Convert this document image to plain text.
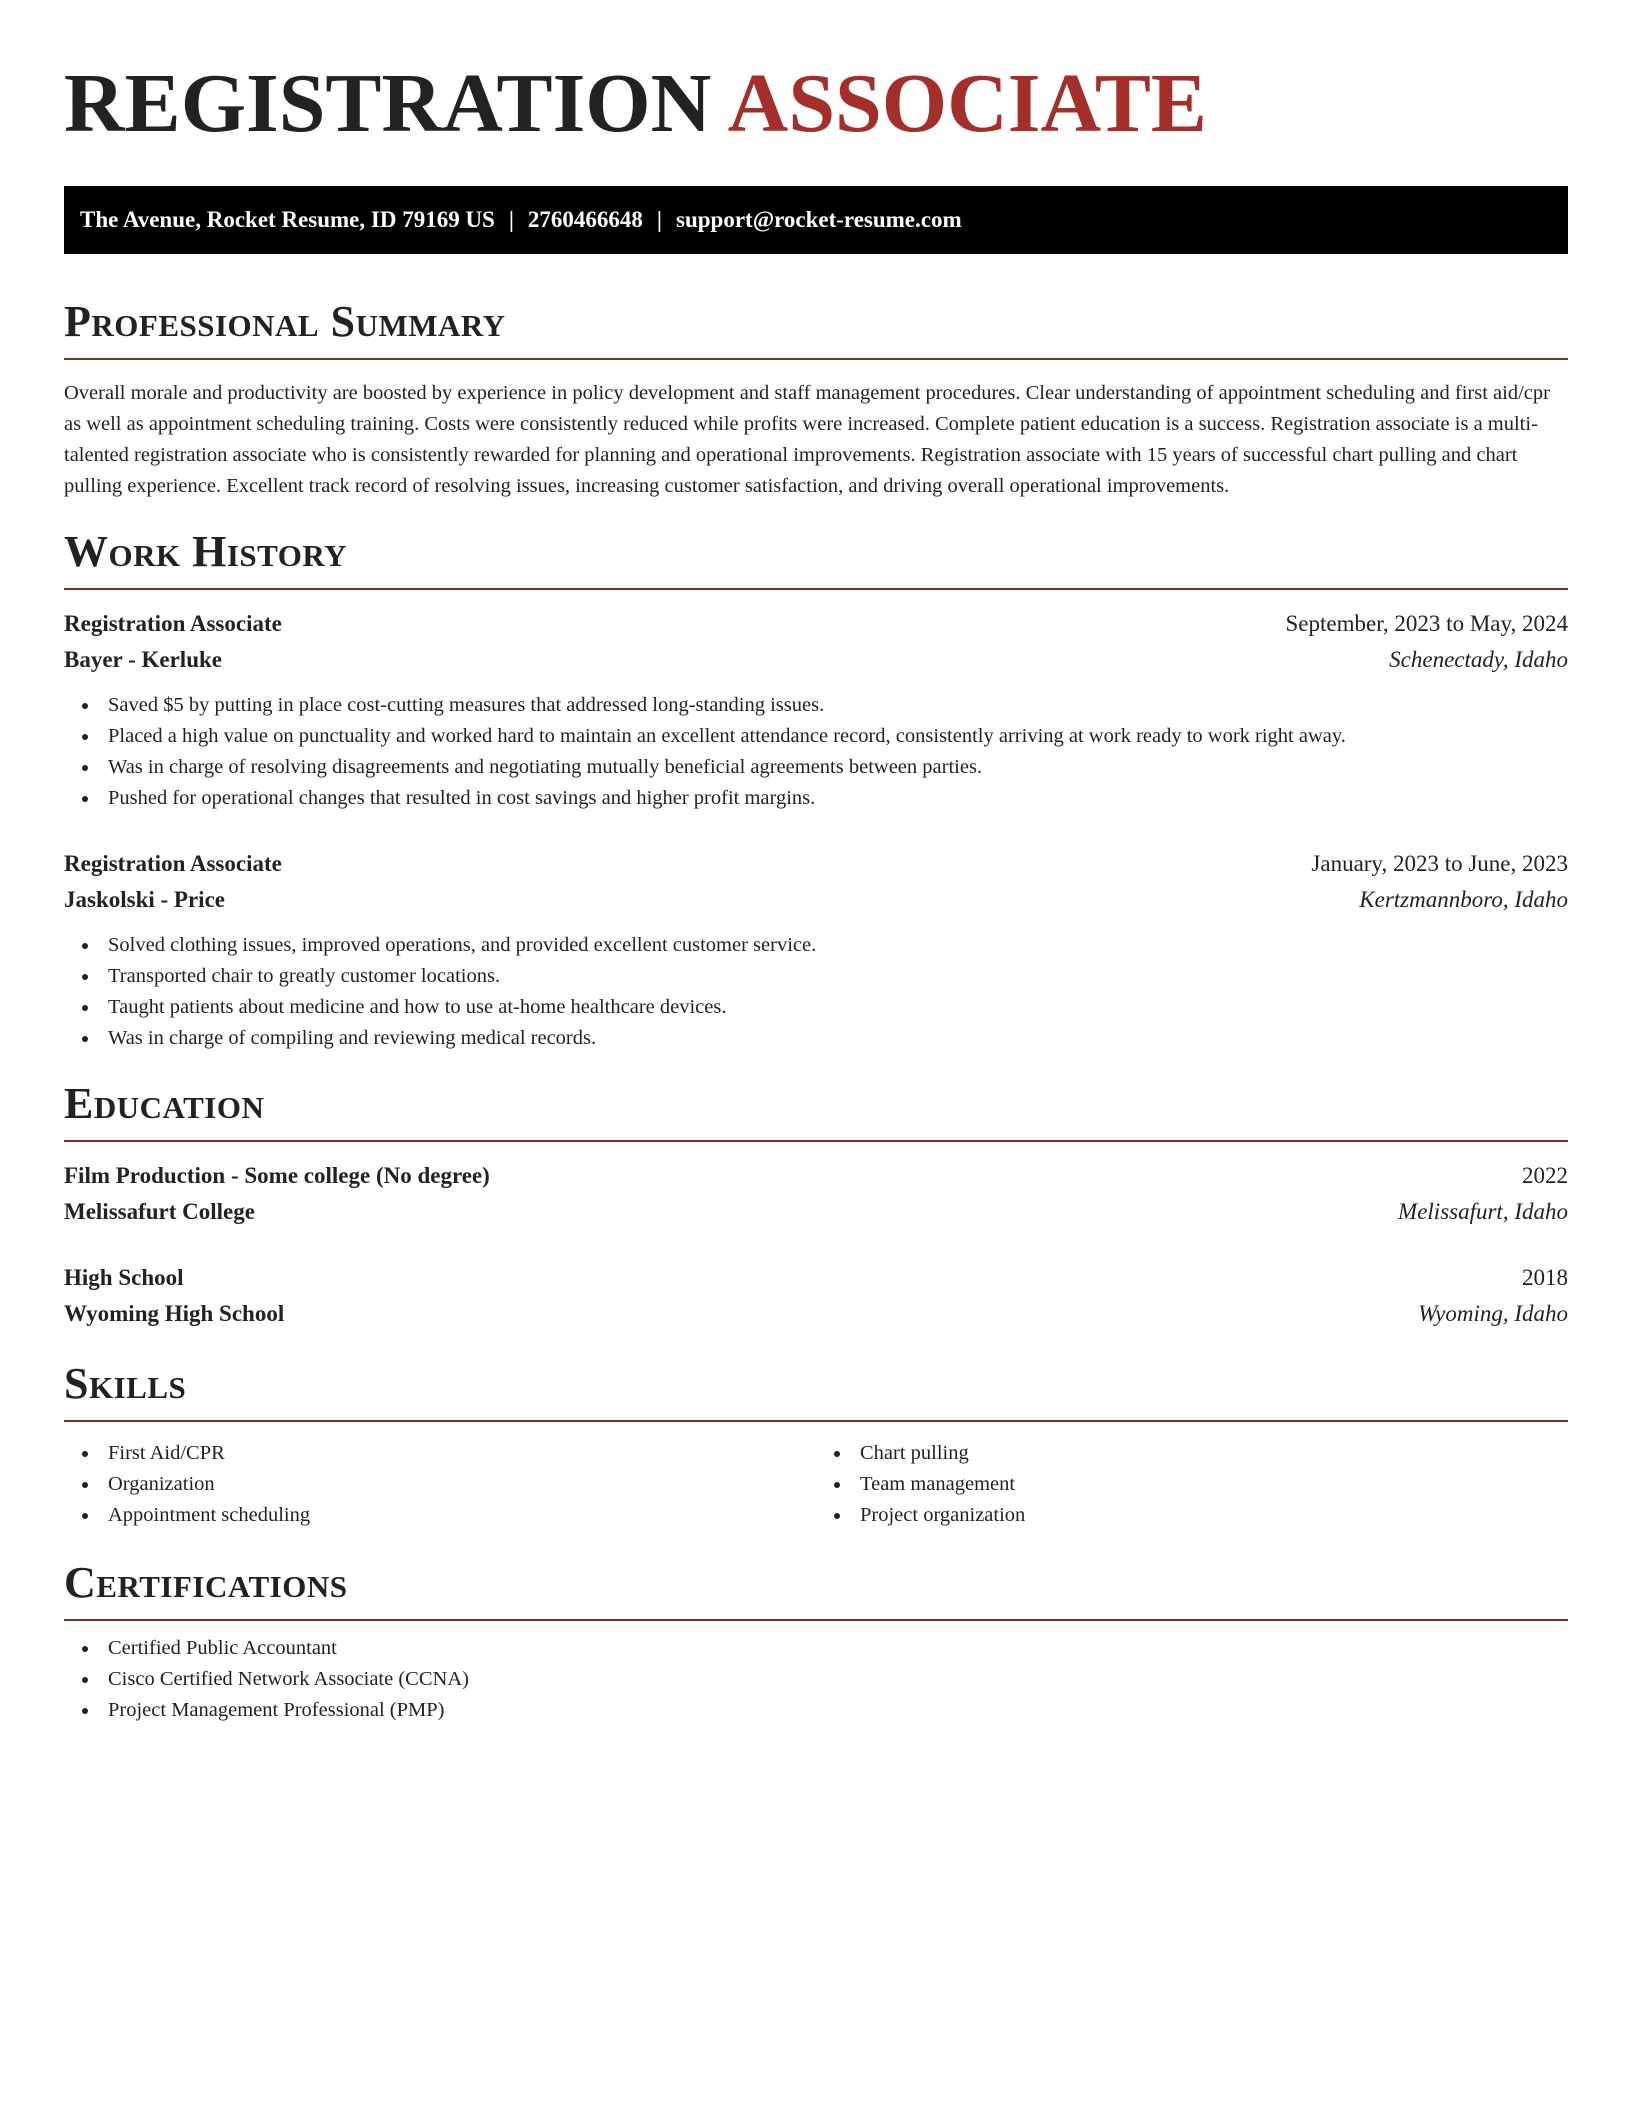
REGISTRATION ASSOCIATE
The Avenue, Rocket Resume, ID 79169 US | 2760466648 | support@rocket-resume.com
Professional Summary

Overall morale and productivity are boosted by experience in policy development and staff management procedures. Clear understanding of appointment scheduling and first aid/cpr as well as appointment scheduling training. Costs were consistently reduced while profits were increased. Complete patient education is a success. Registration associate is a multi-talented registration associate who is consistently rewarded for planning and operational improvements. Registration associate with 15 years of successful chart pulling and chart pulling experience. Excellent track record of resolving issues, increasing customer satisfaction, and driving overall operational improvements.

Work History
Registration Associate	September, 2023 to May, 2024
Bayer - Kerluke	Schenectady, Idaho
Saved $5 by putting in place cost-cutting measures that addressed long-standing issues.
Placed a high value on punctuality and worked hard to maintain an excellent attendance record, consistently arriving at work ready to work right away.
Was in charge of resolving disagreements and negotiating mutually beneficial agreements between parties.
Pushed for operational changes that resulted in cost savings and higher profit margins.
Registration Associate	January, 2023 to June, 2023
Jaskolski - Price	Kertzmannboro, Idaho
Solved clothing issues, improved operations, and provided excellent customer service.
Transported chair to greatly customer locations.
Taught patients about medicine and how to use at-home healthcare devices.
Was in charge of compiling and reviewing medical records.
Education
Film Production - Some college (No degree)	2022
Melissafurt College	Melissafurt, Idaho
High School	2018
Wyoming High School	Wyoming, Idaho
Skills
First Aid/CPR
Organization
Appointment scheduling
Chart pulling
Team management
Project organization
Certifications
Certified Public Accountant
Cisco Certified Network Associate (CCNA)
Project Management Professional (PMP)
